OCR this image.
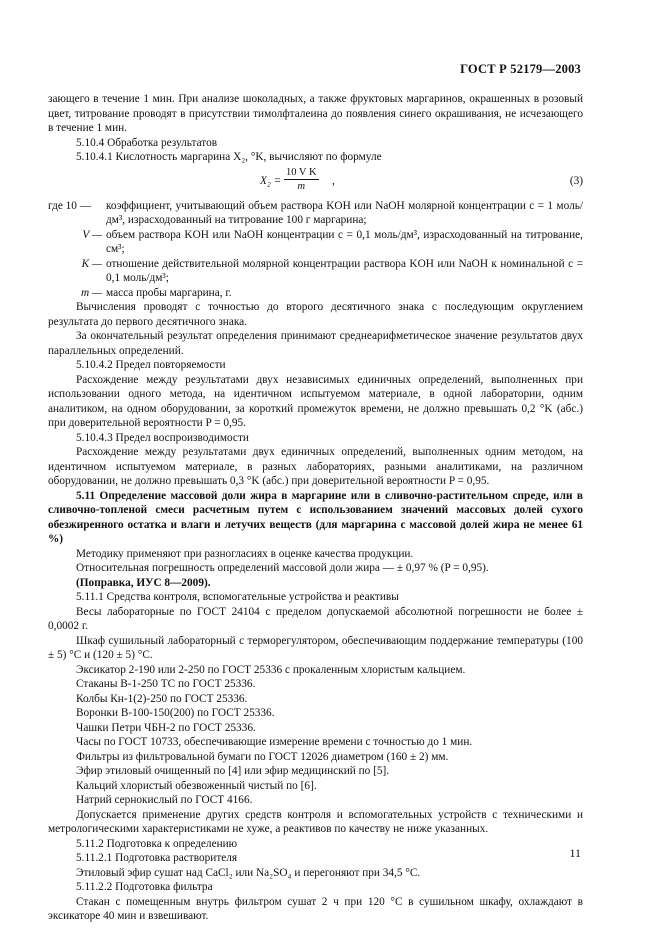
ГОСТ Р 52179—2003

зающего в течение 1 мин. При анализе шоколадных, а также фруктовых маргаринов, окрашенных в розовый цвет, титрование проводят в присутствии тимолфталеина до появления синего окрашивания, не исчезающего в течение 1 мин.

5.10.4 Обработка результатов

5.10.4.1 Кислотность маргарина X₂, °K, вычисляют по формуле

$X_2 = \frac{\text{10 V K}}{m}$ ,	(3)
где 10 —	коэффициент, учитывающий объем раствора KOH или NaOH молярной концентрации c = 1 моль/дм³, израсходованный на титрование 100 г маргарина;
V — объем раствора KOH или NaOH концентрации c = 0,1 моль/дм³, израсходованный на титрование, см³;
K — отношение действительной молярной концентрации раствора KOH или NaOH к номинальной c = 0,1 моль/дм³;
m — масса пробы маргарина, г.

Вычисления проводят с точностью до второго десятичного знака с последующим округлением результата до первого десятичного знака.

За окончательный результат определения принимают среднеарифметическое значение результатов двух параллельных определений.

5.10.4.2 Предел повторяемости

Расхождение между результатами двух независимых единичных определений, выполненных при использовании одного метода, на идентичном испытуемом материале, в одной лаборатории, одним аналитиком, на одном оборудовании, за короткий промежуток времени, не должно превышать 0,2 °K (абс.) при доверительной вероятности P = 0,95.

5.10.4.3 Предел воспроизводимости

Расхождение между результатами двух единичных определений, выполненных одним методом, на идентичном испытуемом материале, в разных лабораториях, разными аналитиками, на различном оборудовании, не должно превышать 0,3 °K (абс.) при доверительной вероятности P = 0,95.

5.11 Определение массовой доли жира в маргарине или в сливочно-растительном спреде, или в сливочно-топленой смеси расчетным путем с использованием значений массовых долей сухого обезжиренного остатка и влаги и летучих веществ (для маргарина с массовой долей жира не менее 61 %)

Методику применяют при разногласиях в оценке качества продукции.

Относительная погрешность определений массовой доли жира — ± 0,97 % (P = 0,95).

(Поправка, ИУС 8—2009).

5.11.1 Средства контроля, вспомогательные устройства и реактивы

Весы лабораторные по ГОСТ 24104 с пределом допускаемой абсолютной погрешности не более ± 0,0002 г.

Шкаф сушильный лабораторный с терморегулятором, обеспечивающим поддержание температуры (100 ± 5) °C и (120 ± 5) °C.

Эксикатор 2-190 или 2-250 по ГОСТ 25336 с прокаленным хлористым кальцием.

Стаканы В-1-250 ТС по ГОСТ 25336.

Колбы Кн-1(2)-250 по ГОСТ 25336.

Воронки В-100-150(200) по ГОСТ 25336.

Чашки Петри ЧБН-2 по ГОСТ 25336.

Часы по ГОСТ 10733, обеспечивающие измерение времени с точностью до 1 мин.

Фильтры из фильтровальной бумаги по ГОСТ 12026 диаметром (160 ± 2) мм.

Эфир этиловый очищенный по [4] или эфир медицинский по [5].

Кальций хлористый обезвоженный чистый по [6].

Натрий сернокислый по ГОСТ 4166.

Допускается применение других средств контроля и вспомогательных устройств с техническими и метрологическими характеристиками не хуже, а реактивов по качеству не ниже указанных.

5.11.2 Подготовка к определению

5.11.2.1 Подготовка растворителя

Этиловый эфир сушат над CaCl₂ или Na₂SO₄ и перегоняют при 34,5 °C.

5.11.2.2 Подготовка фильтра

Стакан с помещенным внутрь фильтром сушат 2 ч при 120 °C в сушильном шкафу, охлаждают в эксикаторе 40 мин и взвешивают.

11
